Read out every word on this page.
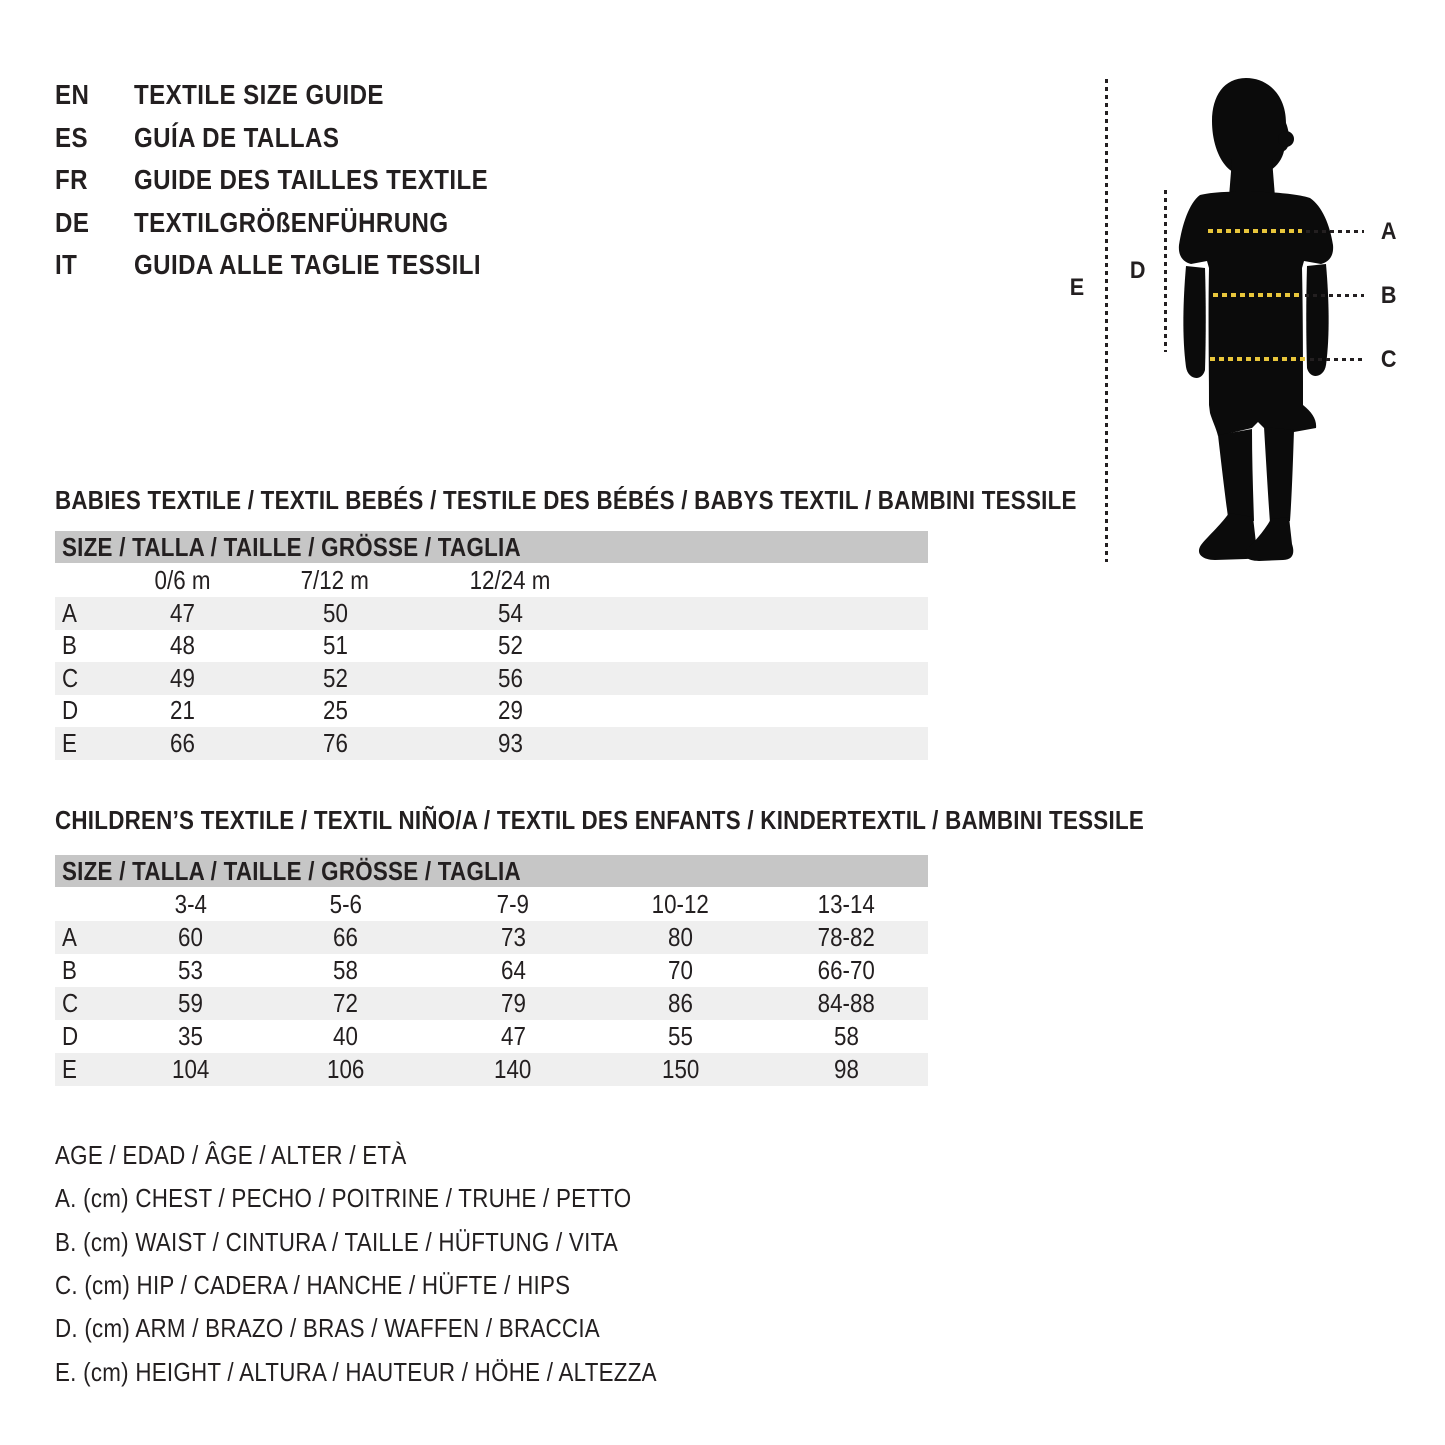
EN	TEXTILE SIZE GUIDE
ES	GUÍA DE TALLAS
FR	GUIDE DES TAILLES TEXTILE
DE	TEXTILGRÖßENFÜHRUNG
IT	GUIDA ALLE TAGLIE TESSILI
E
D
A
B
C
BABIES TEXTILE / TEXTIL BEBÉS / TESTILE DES BÉBÉS / BABYS TEXTIL / BAMBINI TESSILE
SIZE / TALLA / TAILLE / GRÖSSE / TAGLIA
	0/6 m	7/12 m	12/24 m	
A	47	50	54	
B	48	51	52	
C	49	52	56	
D	21	25	29	
E	66	76	93	
CHILDREN’S TEXTILE / TEXTIL NIÑO/A / TEXTIL DES ENFANTS / KINDERTEXTIL / BAMBINI TESSILE
SIZE / TALLA / TAILLE / GRÖSSE / TAGLIA
	3-4	5-6	7-9	10-12	13-14
A	60	66	73	80	78-82
B	53	58	64	70	66-70
C	59	72	79	86	84-88
D	35	40	47	55	58
E	104	106	140	150	98
AGE / EDAD / ÂGE / ALTER / ETÀ
A. (cm) CHEST / PECHO / POITRINE / TRUHE / PETTO
B. (cm) WAIST / CINTURA / TAILLE / HÜFTUNG / VITA
C. (cm) HIP / CADERA / HANCHE / HÜFTE / HIPS
D. (cm) ARM / BRAZO / BRAS / WAFFEN / BRACCIA
E. (cm) HEIGHT / ALTURA / HAUTEUR / HÖHE / ALTEZZA
